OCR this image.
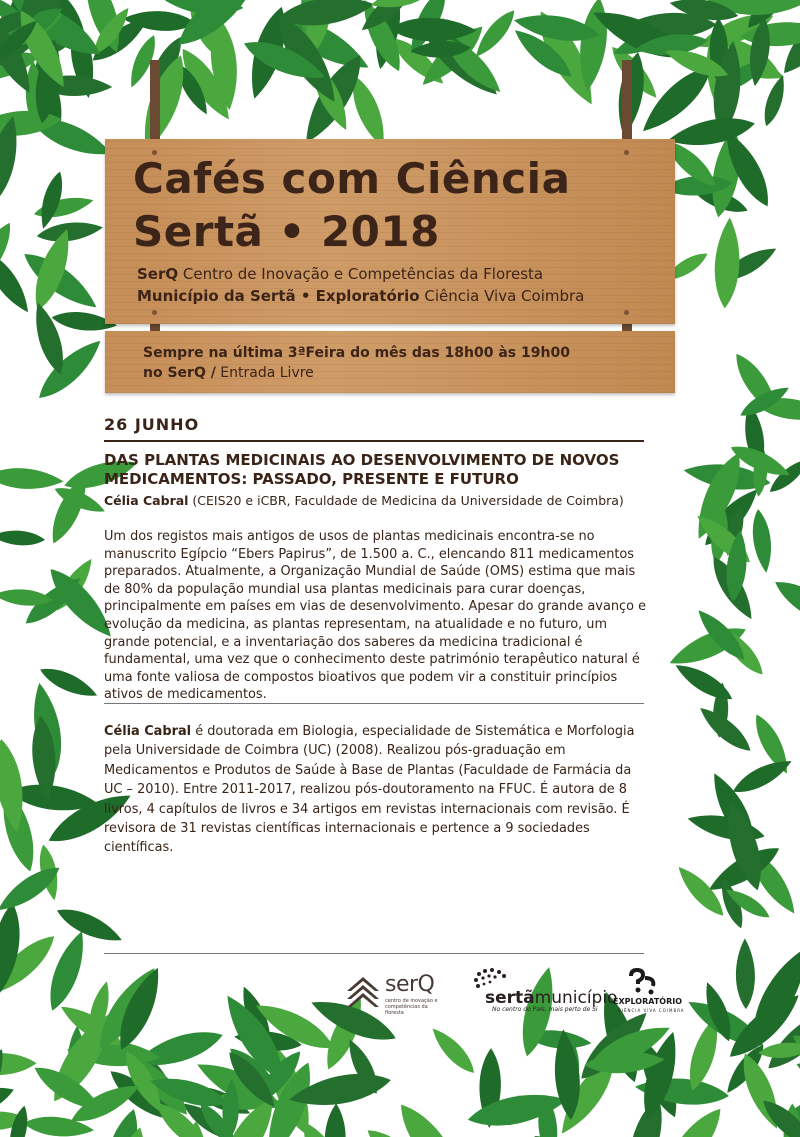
Cafés com Ciência
Sertã • 2018
SerQ Centro de Inovação e Competências da Floresta
Município da Sertã • Exploratório Ciência Viva Coimbra
Sempre na última 3ªFeira do mês das 18h00 às 19h00
no SerQ / Entrada Livre
26 JUNHO

DAS PLANTAS MEDICINAIS AO DESENVOLVIMENTO DE NOVOS MEDICAMENTOS: PASSADO, PRESENTE E FUTURO

Célia Cabral (CEIS20 e iCBR, Faculdade de Medicina da Universidade de Coimbra)

Um dos registos mais antigos de usos de plantas medicinais encontra-se no manuscrito Egípcio “Ebers Papirus”, de 1.500 a. C., elencando 811 medicamentos preparados. Atualmente, a Organização Mundial de Saúde (OMS) estima que mais de 80% da população mundial usa plantas medicinais para curar doenças, principalmente em países em vias de desenvolvimento. Apesar do grande avanço e evolução da medicina, as plantas representam, na atualidade e no futuro, um grande potencial, e a inventariação dos saberes da medicina tradicional é fundamental, uma vez que o conhecimento deste património terapêutico natural é uma fonte valiosa de compostos bioativos que podem vir a constituir princípios ativos de medicamentos.

Célia Cabral é doutorada em Biologia, especialidade de Sistemática e Morfologia pela Universidade de Coimbra (UC) (2008). Realizou pós-graduação em Medicamentos e Produtos de Saúde à Base de Plantas (Faculdade de Farmácia da UC – 2010). Entre 2011-2017, realizou pós-doutoramento na FFUC. É autora de 8 livros, 4 capítulos de livros e 34 artigos em revistas internacionais com revisão. É revisora de 31 revistas científicas internacionais e pertence a 9 sociedades científicas.

serQ
centro de inovação e competências da floresta
sertãmunicípio
No centro do País, mais perto de Si
EXPLORATÓRIO
CIÊNCIA VIVA COIMBRA
